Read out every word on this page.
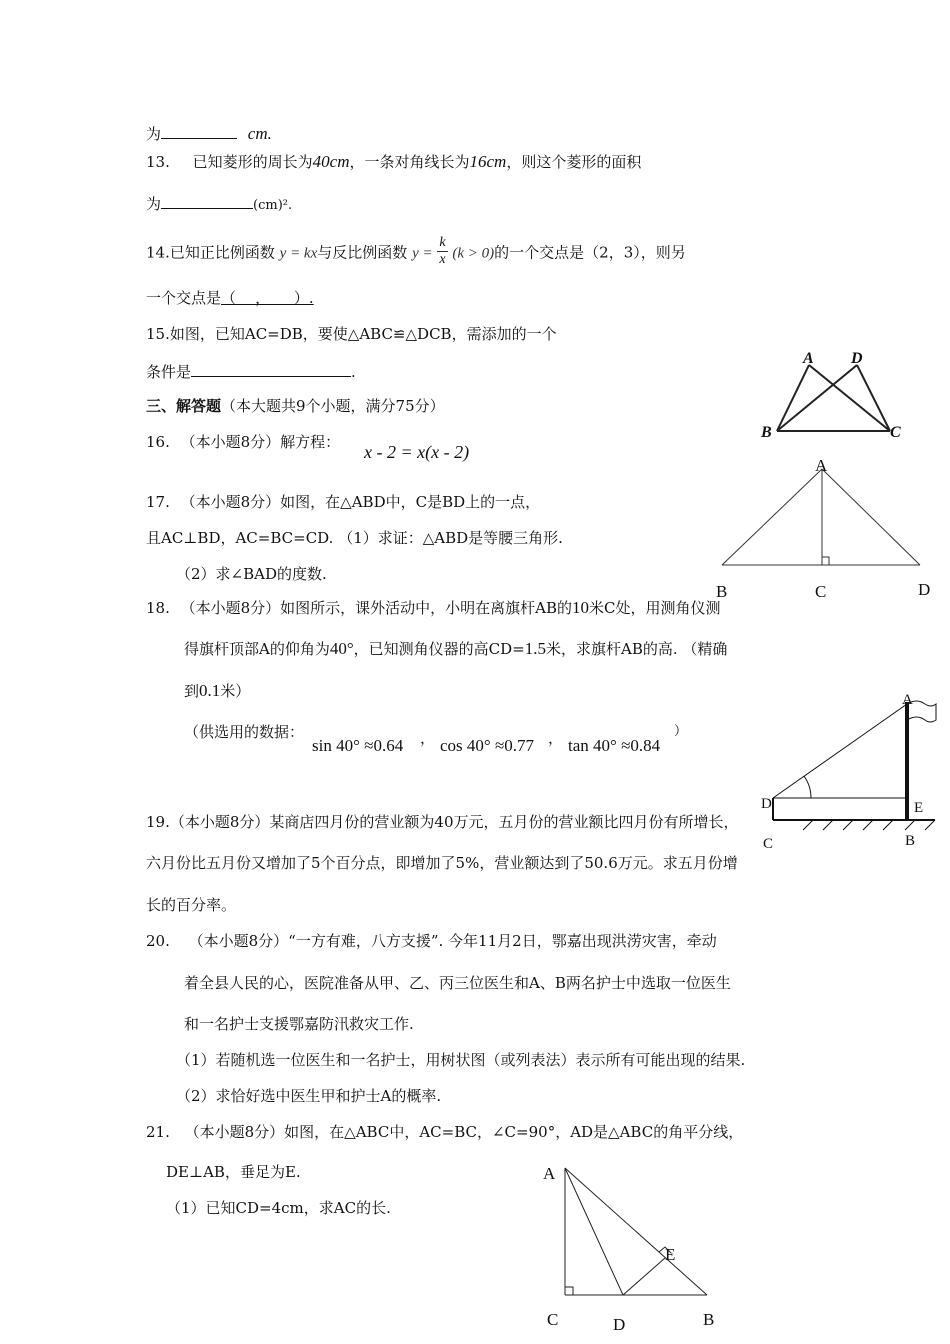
为	cm.
13. 已知菱形的周长为40cm，一条对角线长为16cm，则这个菱形的面积
为	(cm)².
14.已知正比例函数 y = kx与反比例函数 $y = \frac{k}{x} (k > 0)$的一个交点是（2，3），则另
一个交点是（    ，     ）.
15.如图，已知AC=DB，要使△ABC≌△DCB，需添加的一个
条件是	.
A D
B	C
三、解答题（本大题共9个小题，满分75分）
16. （本小题8分）解方程： x - 2 = x(x - 2)
A
B	C	D
17. （本小题8分）如图，在△ABD中，C是BD上的一点，
且AC⊥BD，AC=BC=CD. （1）求证：△ABD是等腰三角形.
（2）求∠BAD的度数.
18. （本小题8分）如图所示，课外活动中，小明在离旗杆AB的10米C处，用测角仪测
得旗杆顶部A的仰角为40°，已知测角仪器的高CD=1.5米，求旗杆AB的高. （精确
到0.1米）
（供选用的数据：
sin 40° ≈0.64 ， cos 40° ≈0.77 ， tan 40° ≈0.84
）
A
D	E
C	B
19.（本小题8分）某商店四月份的营业额为40万元，五月份的营业额比四月份有所增长，
六月份比五月份又增加了5个百分点，即增加了5%，营业额达到了50.6万元。求五月份增
长的百分率。
20. （本小题8分）“一方有难，八方支援”. 今年11月2日，鄂嘉出现洪涝灾害，牵动
着全县人民的心，医院准备从甲、乙、丙三位医生和A、B两名护士中选取一位医生
和一名护士支援鄂嘉防汛救灾工作.
（1）若随机选一位医生和一名护士，用树状图（或列表法）表示所有可能出现的结果.
（2）求恰好选中医生甲和护士A的概率.
21. （本小题8分）如图，在△ABC中，AC=BC，∠C=90°，AD是△ABC的角平分线，
DE⊥AB，垂足为E.
（1）已知CD=4cm，求AC的长.
A
E
C	D	B
